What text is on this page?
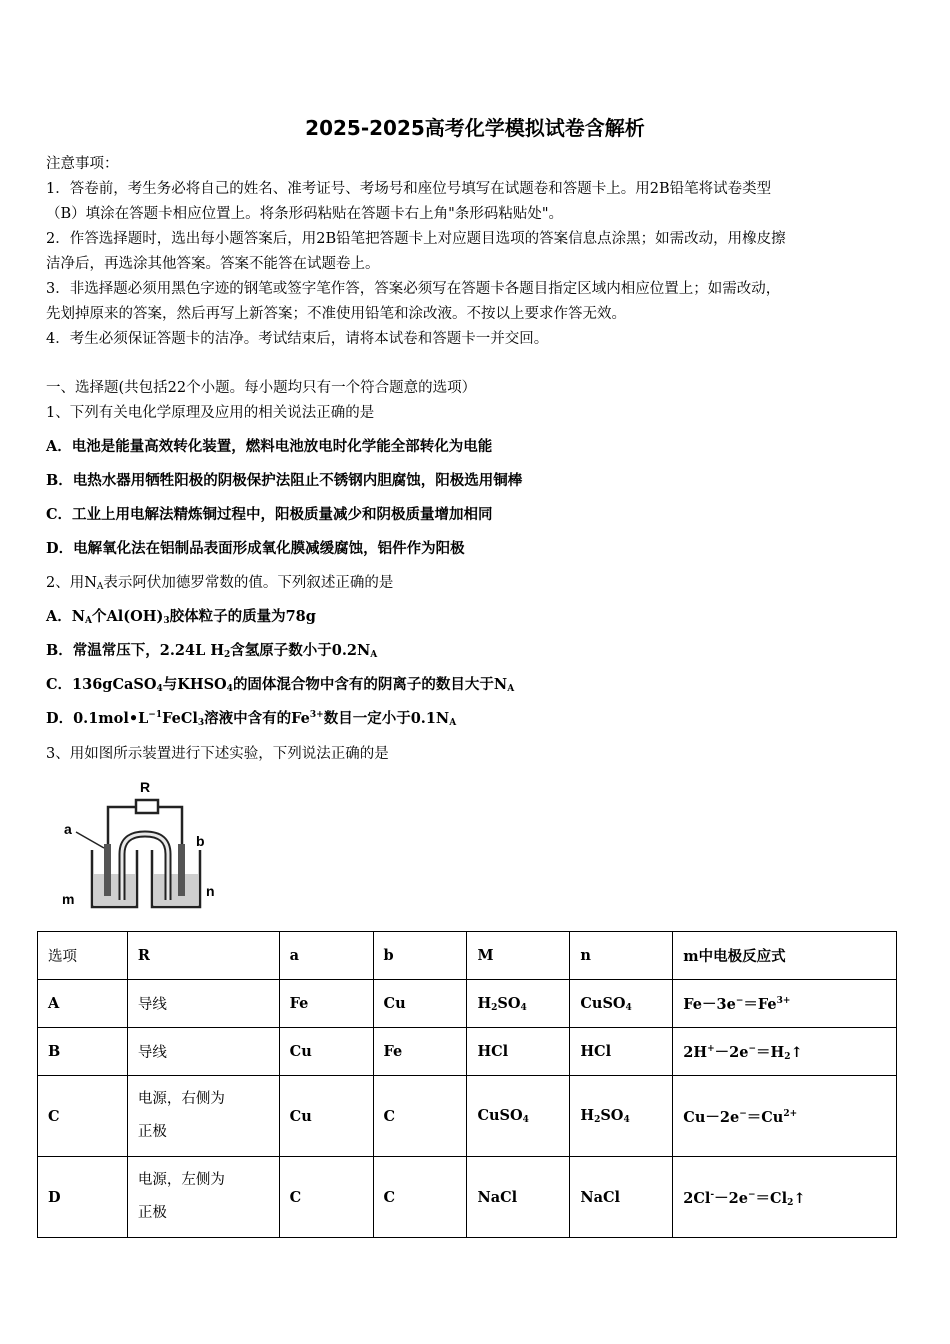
2025-2025高考化学模拟试卷含解析

注意事项：

1．答卷前，考生务必将自己的姓名、准考证号、考场号和座位号填写在试题卷和答题卡上。用2B铅笔将试卷类型

（B）填涂在答题卡相应位置上。将条形码粘贴在答题卡右上角"条形码粘贴处"。

2．作答选择题时，选出每小题答案后，用2B铅笔把答题卡上对应题目选项的答案信息点涂黑；如需改动，用橡皮擦

洁净后，再选涂其他答案。答案不能答在试题卷上。

3．非选择题必须用黑色字迹的钢笔或签字笔作答，答案必须写在答题卡各题目指定区域内相应位置上；如需改动，

先划掉原来的答案，然后再写上新答案；不准使用铅笔和涂改液。不按以上要求作答无效。

4．考生必须保证答题卡的洁净。考试结束后，请将本试卷和答题卡一并交回。

一、选择题(共包括22个小题。每小题均只有一个符合题意的选项）
1、下列有关电化学原理及应用的相关说法正确的是
A．电池是能量高效转化装置，燃料电池放电时化学能全部转化为电能
B．电热水器用牺牲阳极的阴极保护法阻止不锈钢内胆腐蚀，阳极选用铜棒
C．工业上用电解法精炼铜过程中，阳极质量减少和阴极质量增加相同
D．电解氧化法在铝制品表面形成氧化膜减缓腐蚀，铝件作为阳极
2、用$N_A$表示阿伏加德罗常数的值。下列叙述正确的是
A．$N_A$个$Al(OH)_3$胶体粒子的质量为78g
B．常温常压下，2.24L $H_2$含氢原子数小于$0.2N_A$
C．136gCaSO$_4$与$KHSO_4$的固体混合物中含有的阴离子的数目大于$N_A$
D．$0.1mol•L^{-1}FeCl_3$溶液中含有的$Fe^{3+}$数目一定小于$0.1N_A$
3、用如图所示装置进行下述实验，下列说法正确的是
R
a
b
m	n
选项	R	a	b	M	n	m中电极反应式
A	导线	Fe	Cu	$H_2SO_4$	CuSO$_4$	$Fe-3e^-=Fe^{3+}$
B	导线	Cu	Fe	HCl	HCl	$2H^+-2e^-=H_2↑$
C	电源，右侧为
正极	Cu	C	CuSO$_4$	$H_2SO_4$	$Cu-2e^-=Cu^{2+}$
D	电源，左侧为
正极	C	C	NaCl	NaCl	$2Cl^--2e^-=Cl_2↑$
